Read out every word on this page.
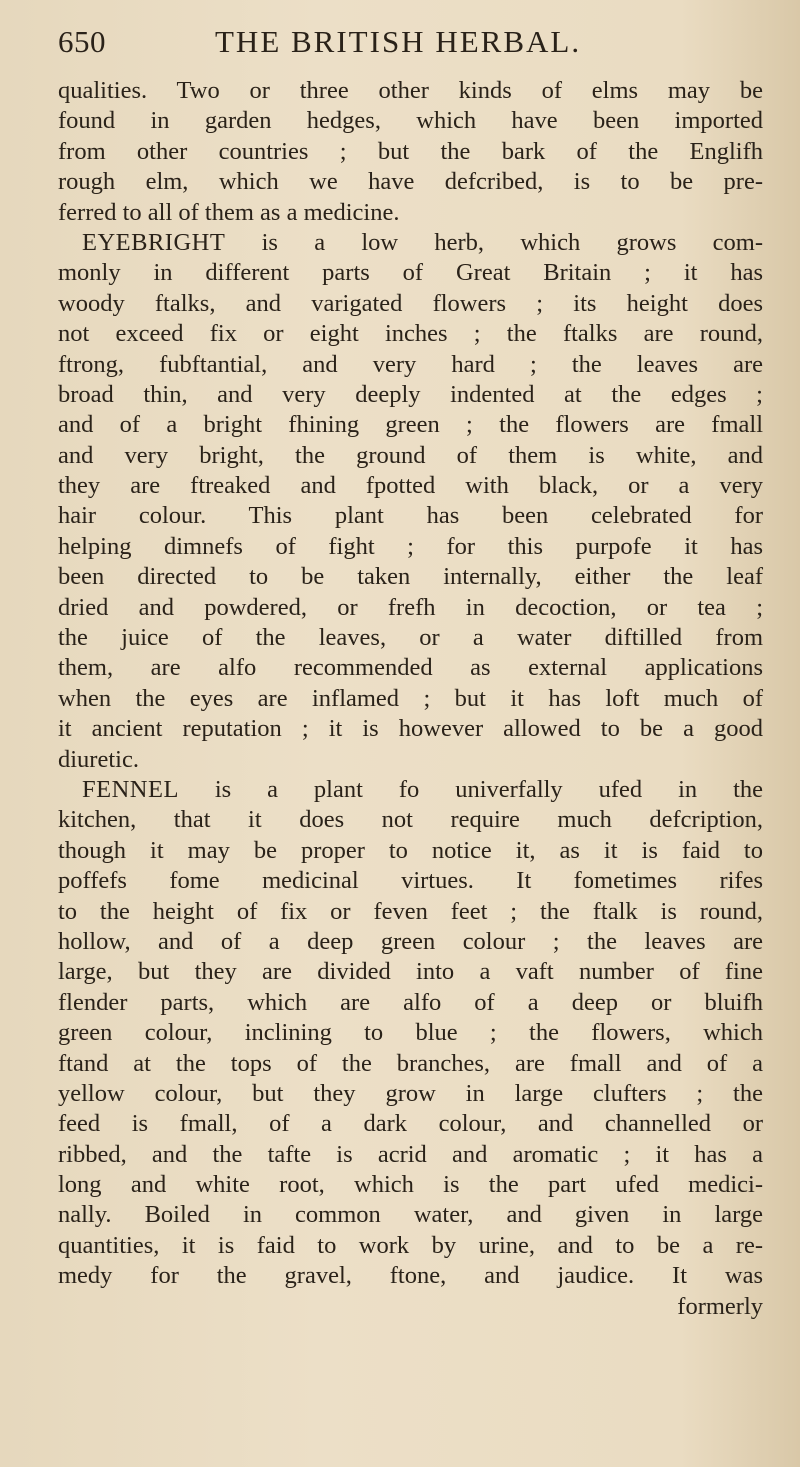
650	THE BRITISH HERBAL.
qualities. Two or three other kinds of elms may be
found in garden hedges, which have been imported
from other countries ; but the bark of the Englifh
rough elm, which we have defcribed, is to be pre-
ferred to all of them as a medicine.
EYEBRIGHT is a low herb, which grows com-
monly in different parts of Great Britain ; it has
woody ftalks, and varigated flowers ; its height does
not exceed fix or eight inches ; the ftalks are round,
ftrong, fubftantial, and very hard ; the leaves are
broad thin, and very deeply indented at the edges ;
and of a bright fhining green ; the flowers are fmall
and very bright, the ground of them is white, and
they are ftreaked and fpotted with black, or a very
hair colour. This plant has been celebrated for
helping dimnefs of fight ; for this purpofe it has
been directed to be taken internally, either the leaf
dried and powdered, or frefh in decoction, or tea ;
the juice of the leaves, or a water diftilled from
them, are alfo recommended as external applications
when the eyes are inflamed ; but it has loft much of
it ancient reputation ; it is however allowed to be a good
diuretic.
FENNEL is a plant fo univerfally ufed in the
kitchen, that it does not require much defcription,
though it may be proper to notice it, as it is faid to
poffefs fome medicinal virtues. It fometimes rifes
to the height of fix or feven feet ; the ftalk is round,
hollow, and of a deep green colour ; the leaves are
large, but they are divided into a vaft number of fine
flender parts, which are alfo of a deep or bluifh
green colour, inclining to blue ; the flowers, which
ftand at the tops of the branches, are fmall and of a
yellow colour, but they grow in large clufters ; the
feed is fmall, of a dark colour, and channelled or
ribbed, and the tafte is acrid and aromatic ; it has a
long and white root, which is the part ufed medici-
nally. Boiled in common water, and given in large
quantities, it is faid to work by urine, and to be a re-
medy for the gravel, ftone, and jaudice. It was
formerly
